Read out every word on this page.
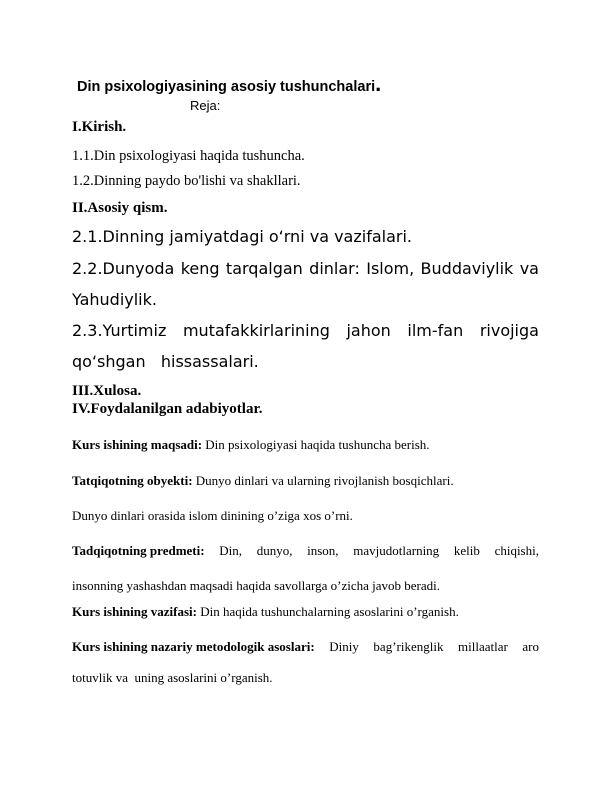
Din psixologiyasining asosiy tushunchalari.
Reja:
I.Kirish.
1.1.Din psixologiyasi haqida tushuncha.
1.2.Dinning paydo bo'lishi va shakllari.
II.Asosiy qism.
2.1.Dinning jamiyatdagi o‘rni va vazifalari.
2.2.Dunyoda keng tarqalgan dinlar: Islom, Buddaviylik va
Yahudiylik.
2.3.Yurtimiz mutafakkirlarining jahon ilm-fan rivojiga
qo‘shgan   hissassalari.
III.Xulosa.
IV.Foydalanilgan adabiyotlar.
Kurs ishining maqsadi: Din psixologiyasi haqida tushuncha berish.
Tatqiqotning obyekti: Dunyo dinlari va ularning rivojlanish bosqichlari.
Dunyo dinlari orasida islom dinining o’ziga xos o’rni.
Tadqiqotning predmeti: Din, dunyo, inson, mavjudotlarning kelib chiqishi,
insonning yashashdan maqsadi haqida savollarga o’zicha javob beradi.
Kurs ishining vazifasi: Din haqida tushunchalarning asoslarini o’rganish.
Kurs ishining nazariy metodologik asoslari: Diniy bag’rikenglik millaatlar aro
totuvlik va  uning asoslarini o’rganish.
